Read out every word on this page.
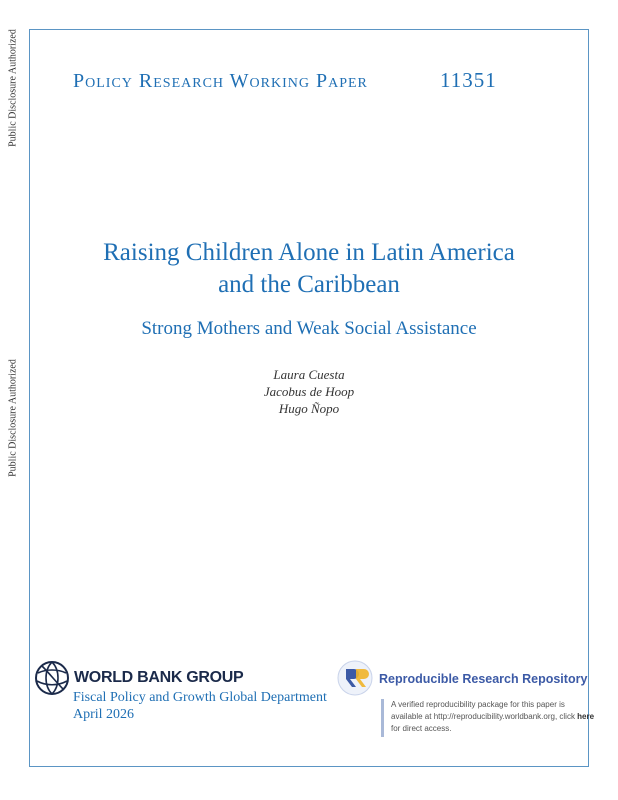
Public Disclosure Authorized
Public Disclosure Authorized
Policy Research Working Paper	11351
Raising Children Alone in Latin America
and the Caribbean
Strong Mothers and Weak Social Assistance
Laura Cuesta
Jacobus de Hoop
Hugo Ñopo
WORLD BANK GROUP
Fiscal Policy and Growth Global Department
April 2026
Reproducible Research Repository
A verified reproducibility package for this paper is available at http://reproducibility.worldbank.org, click here for direct access.
